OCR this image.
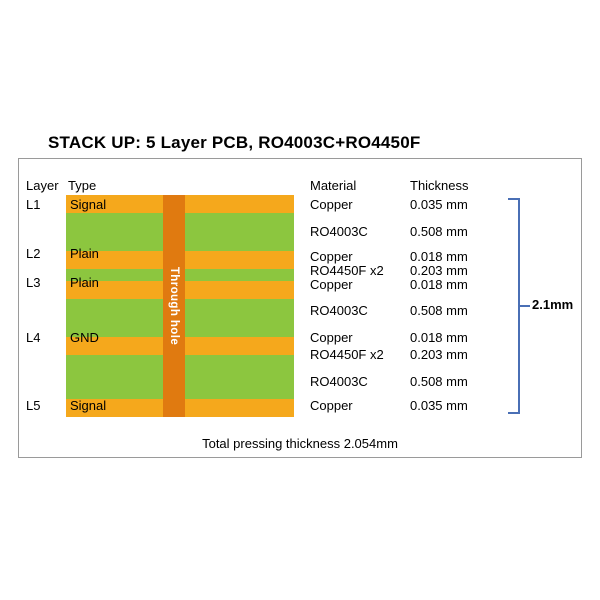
STACK UP: 5 Layer PCB, RO4003C+RO4450F
Layer Type	Material	Thickness
Through hole
L1
L2
L3
L4
L5
Signal
Plain
Plain
GND
Signal
Copper
RO4003C
Copper
RO4450F x2
Copper
RO4003C
Copper
RO4450F x2
RO4003C
Copper
0.035 mm
0.508 mm
0.018 mm
0.203 mm
0.018 mm
0.508 mm
0.018 mm
0.203 mm
0.508 mm
0.035 mm
2.1mm
Total pressing thickness 2.054mm
